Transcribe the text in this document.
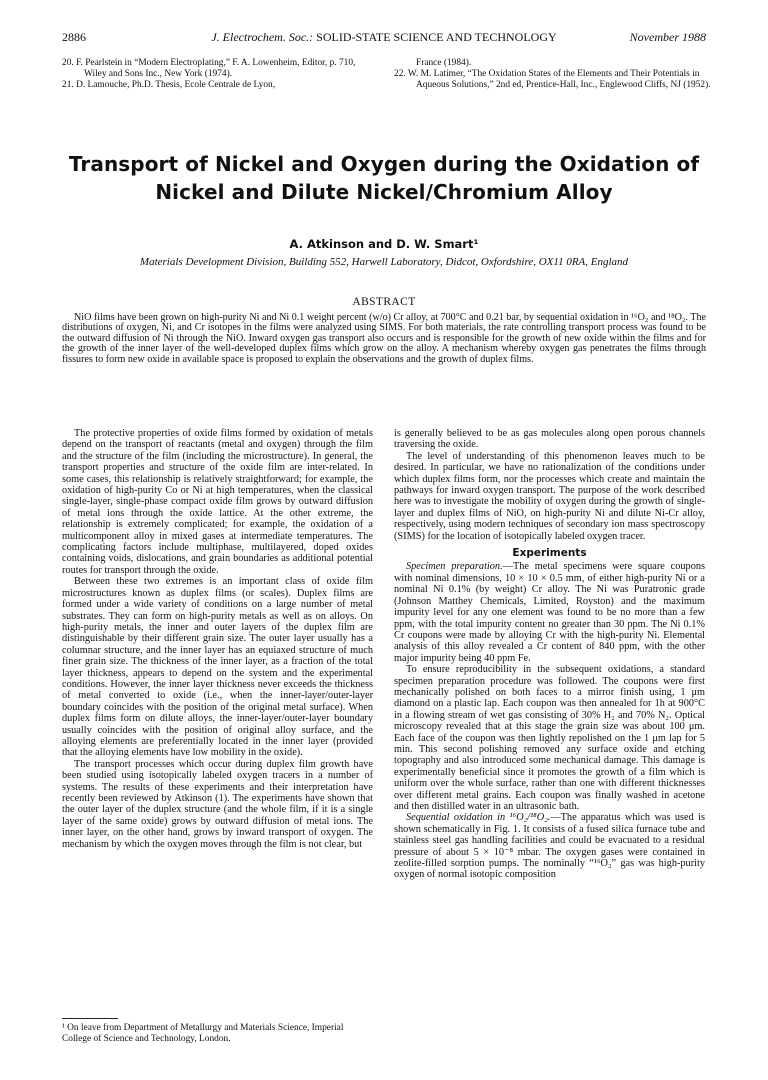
2886	J. Electrochem. Soc.: SOLID-STATE SCIENCE AND TECHNOLOGY	November 1988

20. F. Pearlstein in “Modern Electroplating,” F. A. Lowenheim, Editor, p. 710, Wiley and Sons Inc., New York (1974).

21. D. Lamouche, Ph.D. Thesis, Ecole Centrale de Lyon,

France (1984).

22. W. M. Latimer, “The Oxidation States of the Elements and Their Potentials in Aqueous Solutions,” 2nd ed, Prentice-Hall, Inc., Englewood Cliffs, NJ (1952).

Transport of Nickel and Oxygen during the Oxidation of Nickel and Dilute Nickel/Chromium Alloy
A. Atkinson and D. W. Smart¹
Materials Development Division, Building 552, Harwell Laboratory, Didcot, Oxfordshire, OX11 0RA, England
ABSTRACT

NiO films have been grown on high-purity Ni and Ni 0.1 weight percent (w/o) Cr alloy, at 700°C and 0.21 bar, by sequential oxidation in ¹⁶O₂ and ¹⁸O₂. The distributions of oxygen, Ni, and Cr isotopes in the films were analyzed using SIMS. For both materials, the rate controlling transport process was found to be the outward diffusion of Ni through the NiO. Inward oxygen gas transport also occurs and is responsible for the growth of new oxide within the films and for the growth of the inner layer of the well-developed duplex films which grow on the alloy. A mechanism whereby oxygen gas penetrates the films through fissures to form new oxide in available space is proposed to explain the observations and the growth of duplex films.

The protective properties of oxide films formed by oxidation of metals depend on the transport of reactants (metal and oxygen) through the film and the structure of the film (including the microstructure). In general, the transport properties and structure of the oxide film are inter-related. In some cases, this relationship is relatively straightforward; for example, the oxidation of high-purity Co or Ni at high temperatures, when the classical single-layer, single-phase compact oxide film grows by outward diffusion of metal ions through the oxide lattice. At the other extreme, the relationship is extremely complicated; for example, the oxidation of a multicomponent alloy in mixed gases at intermediate temperatures. The complicating factors include multiphase, multilayered, doped oxides containing voids, dislocations, and grain boundaries as additional potential routes for transport through the oxide.

Between these two extremes is an important class of oxide film microstructures known as duplex films (or scales). Duplex films are formed under a wide variety of conditions on a large number of metal substrates. They can form on high-purity metals as well as on alloys. On high-purity metals, the inner and outer layers of the duplex film are distinguishable by their different grain size. The outer layer usually has a columnar structure, and the inner layer has an equiaxed structure of much finer grain size. The thickness of the inner layer, as a fraction of the total layer thickness, appears to depend on the system and the experimental conditions. However, the inner layer thickness never exceeds the thickness of metal converted to oxide (i.e., when the inner-layer/outer-layer boundary coincides with the position of the original metal surface). When duplex films form on dilute alloys, the inner-layer/outer-layer boundary usually coincides with the position of original alloy surface, and the alloying elements are preferentially located in the inner layer (provided that the alloying elements have low mobility in the oxide).

The transport processes which occur during duplex film growth have been studied using isotopically labeled oxygen tracers in a number of systems. The results of these experiments and their interpretation have recently been reviewed by Atkinson (1). The experiments have shown that the outer layer of the duplex structure (and the whole film, if it is a single layer of the same oxide) grows by outward diffusion of metal ions. The inner layer, on the other hand, grows by inward transport of oxygen. The mechanism by which the oxygen moves through the film is not clear, but

is generally believed to be as gas molecules along open porous channels traversing the oxide.

The level of understanding of this phenomenon leaves much to be desired. In particular, we have no rationalization of the conditions under which duplex films form, nor the processes which create and maintain the pathways for inward oxygen transport. The purpose of the work described here was to investigate the mobility of oxygen during the growth of single-layer and duplex films of NiO, on high-purity Ni and dilute Ni-Cr alloy, respectively, using modern techniques of secondary ion mass spectroscopy (SIMS) for the location of isotopically labeled oxygen tracer.

Experiments

Specimen preparation.—The metal specimens were square coupons with nominal dimensions, 10 × 10 × 0.5 mm, of either high-purity Ni or a nominal Ni 0.1% (by weight) Cr alloy. The Ni was Puratronic grade (Johnson Matthey Chemicals, Limited, Royston) and the maximum impurity level for any one element was found to be no more than a few ppm, with the total impurity content no greater than 30 ppm. The Ni 0.1% Cr coupons were made by alloying Cr with the high-purity Ni. Elemental analysis of this alloy revealed a Cr content of 840 ppm, with the other major impurity being 40 ppm Fe.

To ensure reproducibility in the subsequent oxidations, a standard specimen preparation procedure was followed. The coupons were first mechanically polished on both faces to a mirror finish using, 1 μm diamond on a plastic lap. Each coupon was then annealed for 1h at 900°C in a flowing stream of wet gas consisting of 30% H₂ and 70% N₂. Optical microscopy revealed that at this stage the grain size was about 100 μm. Each face of the coupon was then lightly repolished on the 1 μm lap for 5 min. This second polishing removed any surface oxide and etching topography and also introduced some mechanical damage. This damage is experimentally beneficial since it promotes the growth of a film which is uniform over the whole surface, rather than one with different thicknesses over different metal grains. Each coupon was finally washed in acetone and then distilled water in an ultrasonic bath.

Sequential oxidation in ¹⁶O₂/¹⁸O₂.—The apparatus which was used is shown schematically in Fig. 1. It consists of a fused silica furnace tube and stainless steel gas handling facilities and could be evacuated to a residual pressure of about 5 × 10⁻⁸ mbar. The oxygen gases were contained in zeolite-filled sorption pumps. The nominally “¹⁶O₂” gas was high-purity oxygen of normal isotopic composition

¹ On leave from Department of Metallurgy and Materials Science, Imperial College of Science and Technology, London.
